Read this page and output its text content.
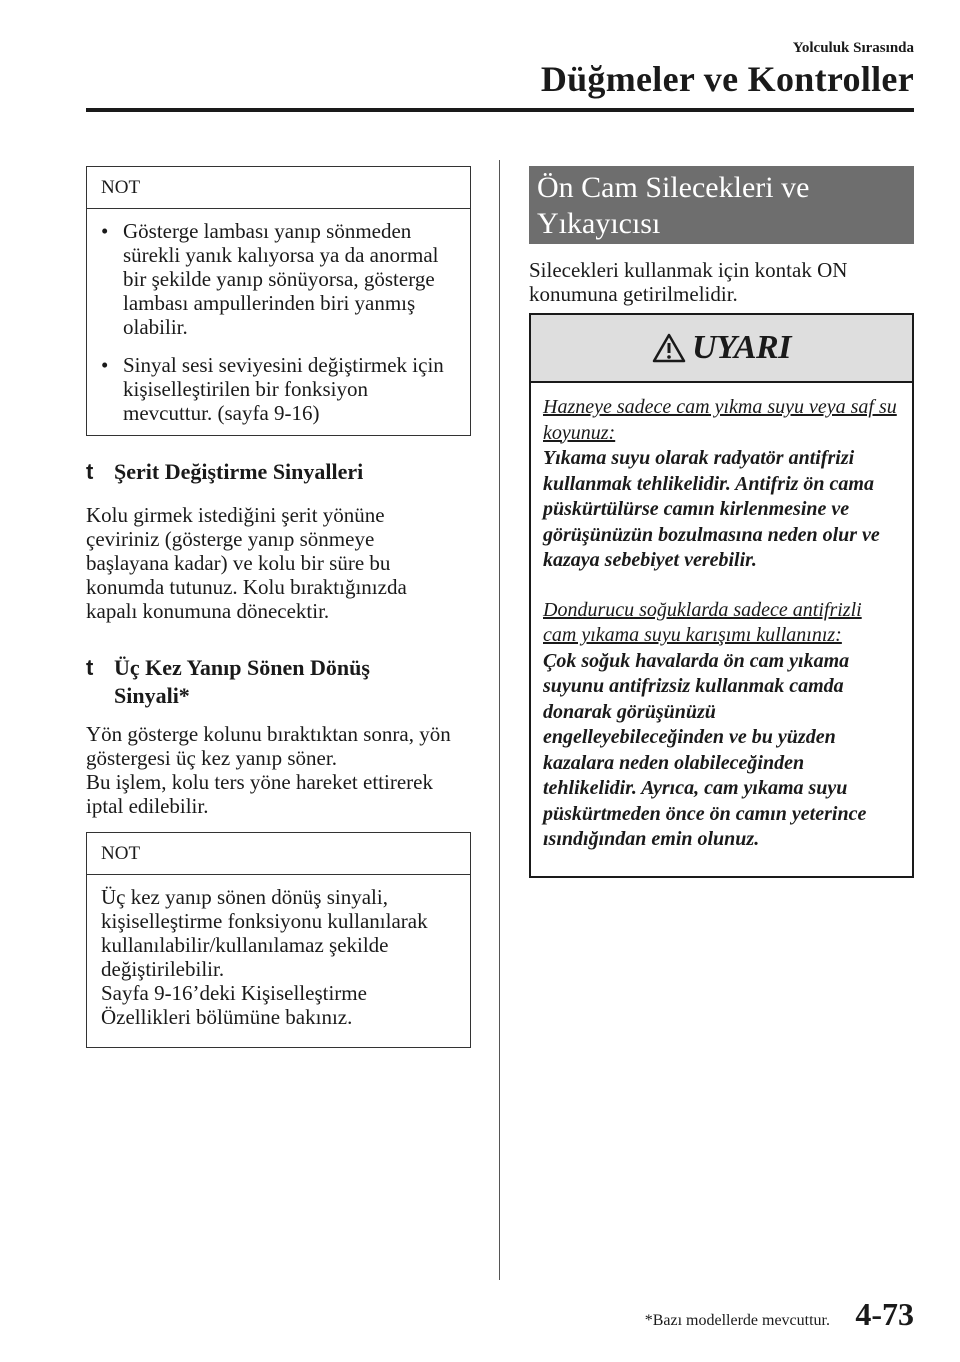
Yolculuk Sırasında
Düğmeler ve Kontroller
NOT
• Gösterge lambası yanıp sönmeden sürekli yanık kalıyorsa ya da anormal bir şekilde yanıp sönüyorsa, gösterge lambası ampullerinden biri yanmış olabilir.
• Sinyal sesi seviyesini değiştirmek için kişiselleştirilen bir fonksiyon mevcuttur. (sayfa 9-16)
t Şerit Değiştirme Sinyalleri
Kolu girmek istediğini şerit yönüne çeviriniz (gösterge yanıp sönmeye başlayana kadar) ve kolu bir süre bu konumda tutunuz. Kolu bıraktığınızda kapalı konumuna dönecektir.
t Üç Kez Yanıp Sönen Dönüş Sinyali*
Yön gösterge kolunu bıraktıktan sonra, yön göstergesi üç kez yanıp söner.
Bu işlem, kolu ters yöne hareket ettirerek iptal edilebilir.
NOT
Üç kez yanıp sönen dönüş sinyali, kişiselleştirme fonksiyonu kullanılarak kullanılabilir/kullanılamaz şekilde değiştirilebilir.
Sayfa 9-16’deki Kişiselleştirme Özellikleri bölümüne bakınız.
Ön Cam Silecekleri ve Yıkayıcısı
Silecekleri kullanmak için kontak ON konumuna getirilmelidir.
UYARI
Hazneye sadece cam yıkma suyu veya saf su koyunuz:
Yıkama suyu olarak radyatör antifrizi kullanmak tehlikelidir. Antifriz ön cama püskürtülürse camın kirlenmesine ve görüşünüzün bozulmasına neden olur ve kazaya sebebiyet verebilir.
Dondurucu soğuklarda sadece antifrizli cam yıkama suyu karışımı kullanınız:
Çok soğuk havalarda ön cam yıkama suyunu antifrizsiz kullanmak camda donarak görüşünüzü engelleyebileceğinden ve bu yüzden kazalara neden olabileceğinden tehlikelidir. Ayrıca, cam yıkama suyu püskürtmeden önce ön camın yeterince ısındığından emin olunuz.
*Bazı modellerde mevcuttur. 4-73
